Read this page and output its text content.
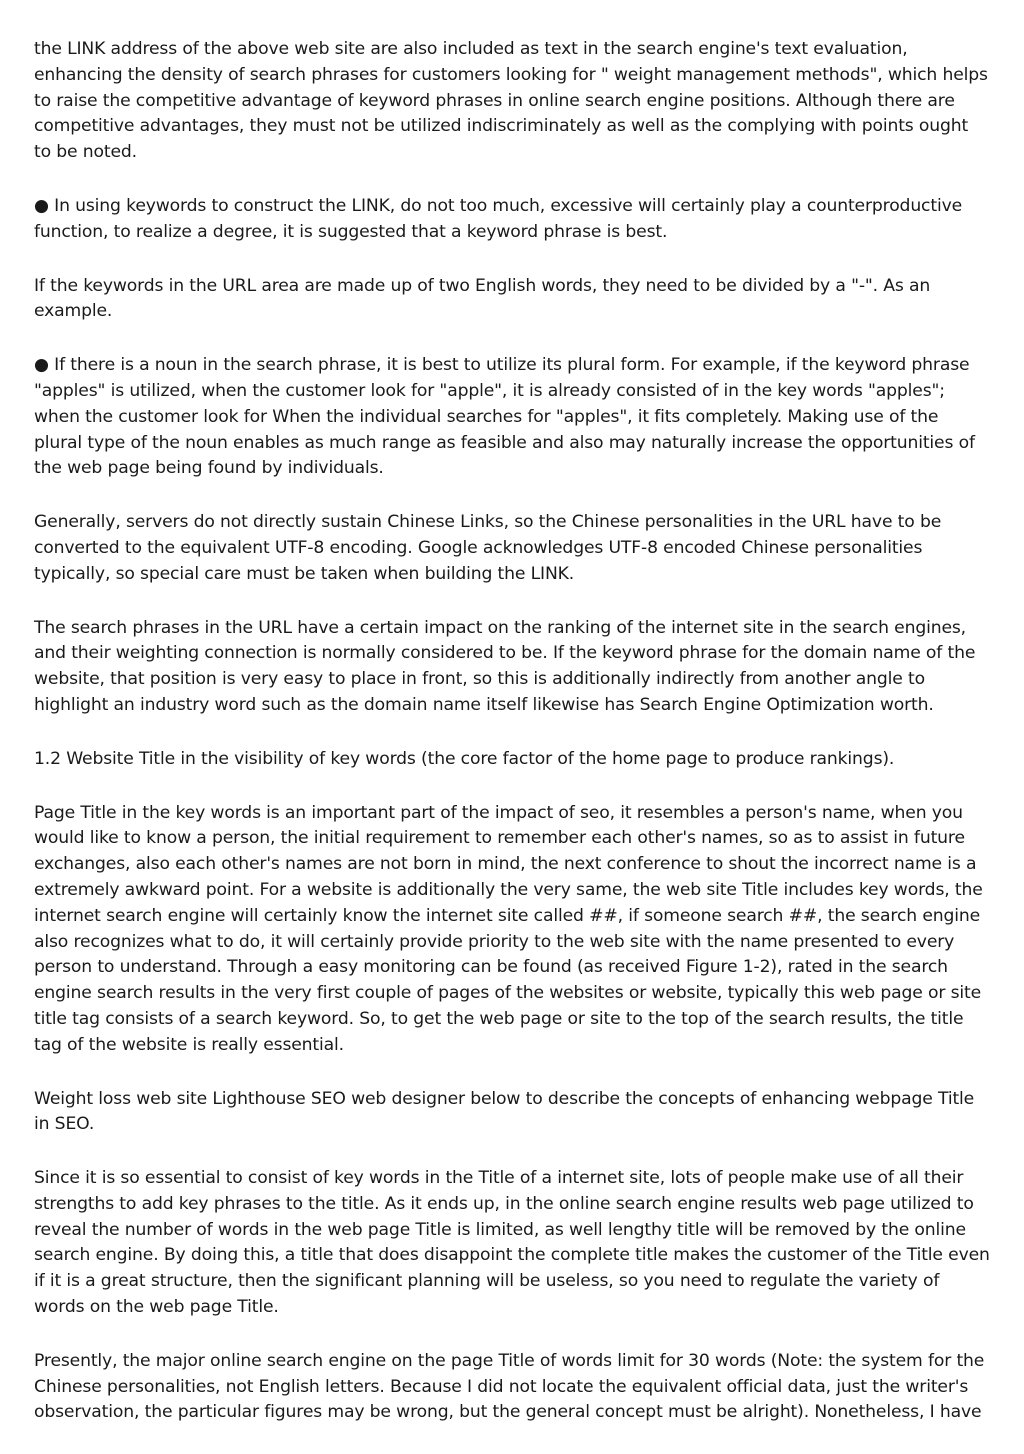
the LINK address of the above web site are also included as text in the search engine's text evaluation, enhancing the density of search phrases for customers looking for " weight management methods", which helps to raise the competitive advantage of keyword phrases in online search engine positions. Although there are competitive advantages, they must not be utilized indiscriminately as well as the complying with points ought to be noted.

● In using keywords to construct the LINK, do not too much, excessive will certainly play a counterproductive function, to realize a degree, it is suggested that a keyword phrase is best.

If the keywords in the URL area are made up of two English words, they need to be divided by a "-". As an example.

● If there is a noun in the search phrase, it is best to utilize its plural form. For example, if the keyword phrase "apples" is utilized, when the customer look for "apple", it is already consisted of in the key words "apples"; when the customer look for When the individual searches for "apples", it fits completely. Making use of the plural type of the noun enables as much range as feasible and also may naturally increase the opportunities of the web page being found by individuals.

Generally, servers do not directly sustain Chinese Links, so the Chinese personalities in the URL have to be converted to the equivalent UTF-8 encoding. Google acknowledges UTF-8 encoded Chinese personalities typically, so special care must be taken when building the LINK.

The search phrases in the URL have a certain impact on the ranking of the internet site in the search engines, and their weighting connection is normally considered to be. If the keyword phrase for the domain name of the website, that position is very easy to place in front, so this is additionally indirectly from another angle to highlight an industry word such as the domain name itself likewise has Search Engine Optimization worth.

1.2 Website Title in the visibility of key words (the core factor of the home page to produce rankings).

Page Title in the key words is an important part of the impact of seo, it resembles a person's name, when you would like to know a person, the initial requirement to remember each other's names, so as to assist in future exchanges, also each other's names are not born in mind, the next conference to shout the incorrect name is a extremely awkward point. For a website is additionally the very same, the web site Title includes key words, the internet search engine will certainly know the internet site called ##, if someone search ##, the search engine also recognizes what to do, it will certainly provide priority to the web site with the name presented to every person to understand. Through a easy monitoring can be found (as received Figure 1-2), rated in the search engine search results in the very first couple of pages of the websites or website, typically this web page or site title tag consists of a search keyword. So, to get the web page or site to the top of the search results, the title tag of the website is really essential.

Weight loss web site Lighthouse SEO web designer below to describe the concepts of enhancing webpage Title in SEO.

Since it is so essential to consist of key words in the Title of a internet site, lots of people make use of all their strengths to add key phrases to the title. As it ends up, in the online search engine results web page utilized to reveal the number of words in the web page Title is limited, as well lengthy title will be removed by the online search engine. By doing this, a title that does disappoint the complete title makes the customer of the Title even if it is a great structure, then the significant planning will be useless, so you need to regulate the variety of words on the web page Title.

Presently, the major online search engine on the page Title of words limit for 30 words (Note: the system for the Chinese personalities, not English letters. Because I did not locate the equivalent official data, just the writer's observation, the particular figures may be wrong, but the general concept must be alright). Nonetheless, I have
